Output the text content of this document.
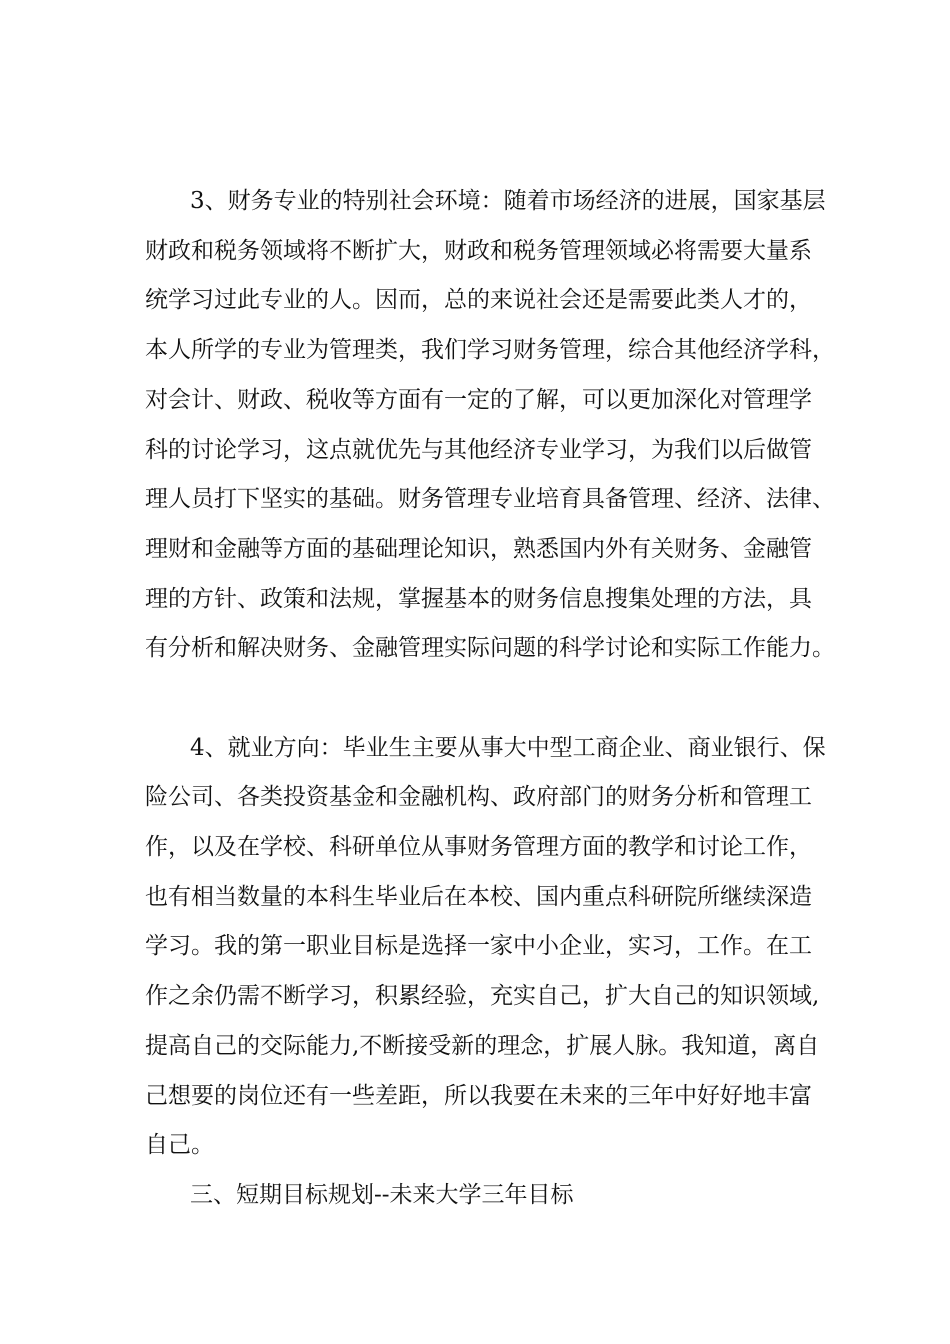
3、财务专业的特别社会环境：随着市场经济的进展，国家基层

财政和税务领域将不断扩大，财政和税务管理领域必将需要大量系

统学习过此专业的人。因而，总的来说社会还是需要此类人才的，

本人所学的专业为管理类，我们学习财务管理，综合其他经济学科，

对会计、财政、税收等方面有一定的了解，可以更加深化对管理学

科的讨论学习，这点就优先与其他经济专业学习，为我们以后做管

理人员打下坚实的基础。财务管理专业培育具备管理、经济、法律、

理财和金融等方面的基础理论知识，熟悉国内外有关财务、金融管

理的方针、政策和法规，掌握基本的财务信息搜集处理的方法，具

有分析和解决财务、金融管理实际问题的科学讨论和实际工作能力。

4、就业方向：毕业生主要从事大中型工商企业、商业银行、保

险公司、各类投资基金和金融机构、政府部门的财务分析和管理工

作，以及在学校、科研单位从事财务管理方面的教学和讨论工作，

也有相当数量的本科生毕业后在本校、国内重点科研院所继续深造

学习。我的第一职业目标是选择一家中小企业，实习，工作。在工

作之余仍需不断学习，积累经验，充实自己，扩大自己的知识领域,

提高自己的交际能力,不断接受新的理念，扩展人脉。我知道，离自

己想要的岗位还有一些差距，所以我要在未来的三年中好好地丰富

自己。

三、短期目标规划--未来大学三年目标
